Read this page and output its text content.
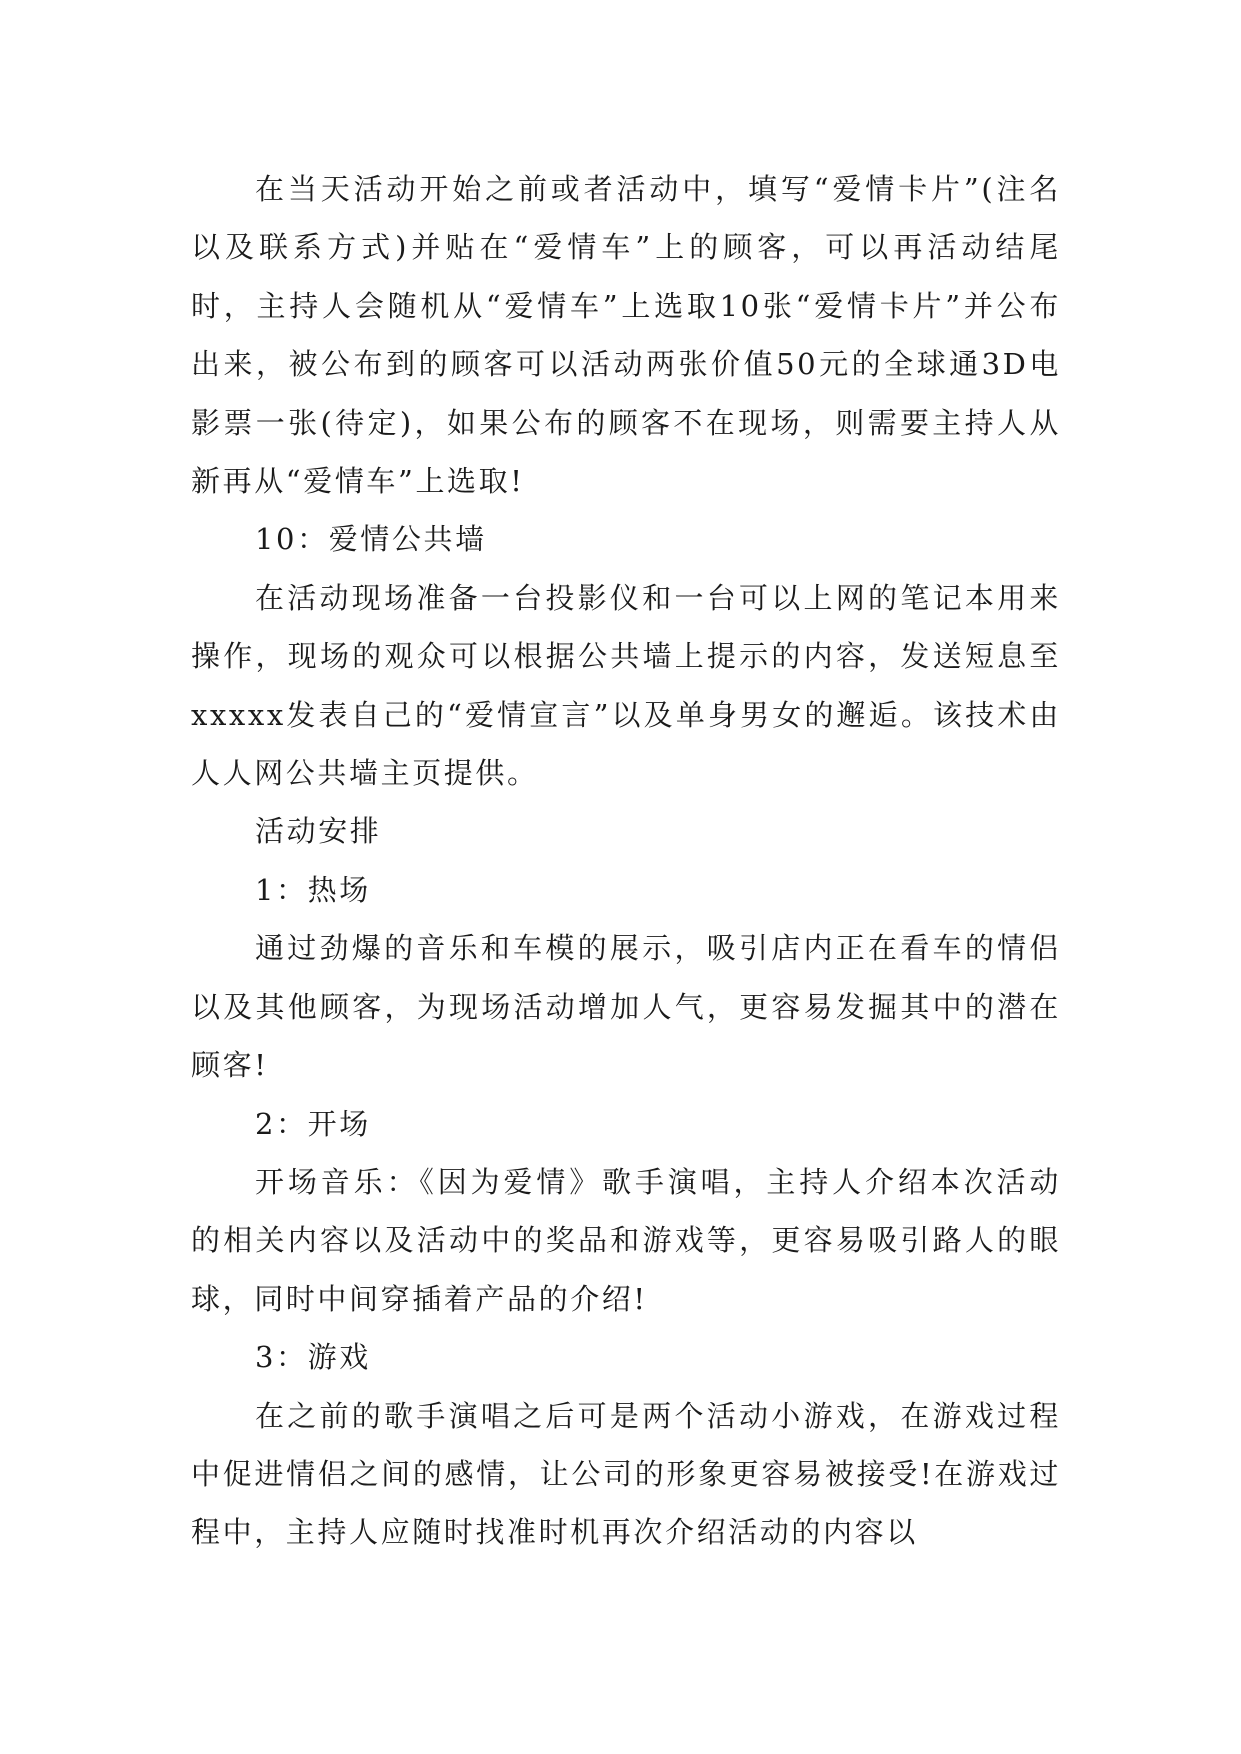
在当天活动开始之前或者活动中，填写“爱情卡片”(注名以及联系方式)并贴在“爱情车”上的顾客，可以再活动结尾时，主持人会随机从“爱情车”上选取10张“爱情卡片”并公布出来，被公布到的顾客可以活动两张价值50元的全球通3D电影票一张(待定)，如果公布的顾客不在现场，则需要主持人从新再从“爱情车”上选取!

10：爱情公共墙

在活动现场准备一台投影仪和一台可以上网的笔记本用来操作，现场的观众可以根据公共墙上提示的内容，发送短息至xxxxx发表自己的“爱情宣言”以及单身男女的邂逅。该技术由人人网公共墙主页提供。

活动安排

1：热场

通过劲爆的音乐和车模的展示，吸引店内正在看车的情侣以及其他顾客，为现场活动增加人气，更容易发掘其中的潜在顾客!

2：开场

开场音乐：《因为爱情》歌手演唱，主持人介绍本次活动的相关内容以及活动中的奖品和游戏等，更容易吸引路人的眼球，同时中间穿插着产品的介绍!

3：游戏

在之前的歌手演唱之后可是两个活动小游戏，在游戏过程中促进情侣之间的感情，让公司的形象更容易被接受!在游戏过程中，主持人应随时找准时机再次介绍活动的内容以
